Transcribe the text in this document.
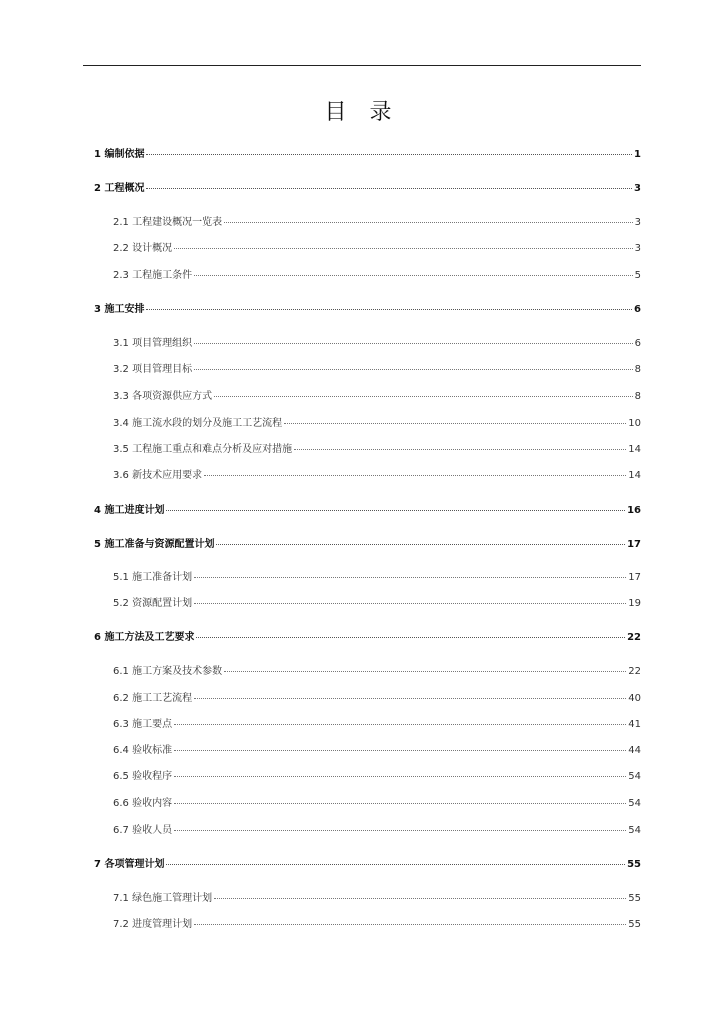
目 录
1 编制依据	1
2 工程概况	3
2.1 工程建设概况一览表	3
2.2 设计概况	3
2.3 工程施工条件	5
3 施工安排	6
3.1 项目管理组织	6
3.2 项目管理目标	8
3.3 各项资源供应方式	8
3.4 施工流水段的划分及施工工艺流程	10
3.5 工程施工重点和难点分析及应对措施	14
3.6 新技术应用要求	14
4 施工进度计划	16
5 施工准备与资源配置计划	17
5.1 施工准备计划	17
5.2 资源配置计划	19
6 施工方法及工艺要求	22
6.1 施工方案及技术参数	22
6.2 施工工艺流程	40
6.3 施工要点	41
6.4 验收标准	44
6.5 验收程序	54
6.6 验收内容	54
6.7 验收人员	54
7 各项管理计划	55
7.1 绿色施工管理计划	55
7.2 进度管理计划	55
